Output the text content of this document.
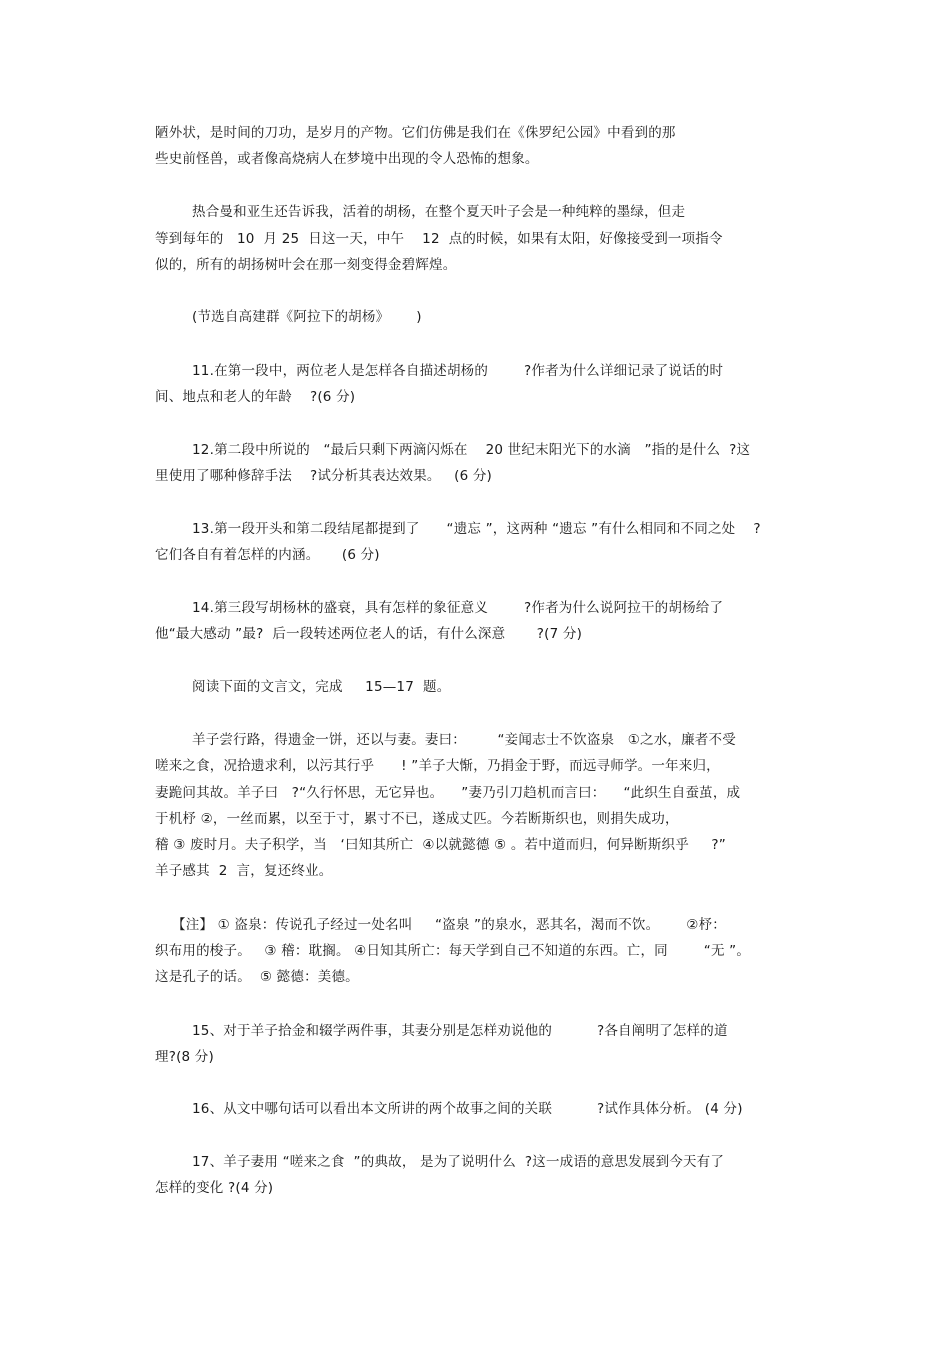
陋外状，是时间的刀功，是岁月的产物。它们仿佛是我们在《侏罗纪公园》中看到的那
些史前怪兽，或者像高烧病人在梦境中出现的令人恐怖的想象。
热合曼和亚生还告诉我，活着的胡杨，在整个夏天叶子会是一种纯粹的墨绿，但走
等到每年的   10  月 25  日这一天，中午    12  点的时候，如果有太阳，好像接受到一项指令
似的，所有的胡扬树叶会在那一刻变得金碧辉煌。
(节选自高建群《阿拉下的胡杨》      )
11.在第一段中，两位老人是怎样各自描述胡杨的        ?作者为什么详细记录了说话的时
间、地点和老人的年龄    ?(6 分)
12.第二段中所说的   “最后只剩下两滴闪烁在    20 世纪末阳光下的水滴   ”指的是什么  ?这
里使用了哪种修辞手法    ?试分析其表达效果。   (6 分)
13.第一段开头和第二段结尾都提到了      “遗忘 ”，这两种 “遗忘 ”有什么相同和不同之处    ?
它们各自有着怎样的内涵。     (6 分)
14.第三段写胡杨林的盛衰，具有怎样的象征意义        ?作者为什么说阿拉干的胡杨给了
他“最大感动 ”最?  后一段转述两位老人的话，有什么深意       ?(7 分)
阅读下面的文言文，完成     15—17  题。
羊子尝行路，得遗金一饼，还以与妻。妻曰：       “妾闻志士不饮盗泉   ①之水，廉者不受
嗟来之食，况拾遗求利，以污其行乎      ! ”羊子大惭，乃捐金于野，而远寻师学。一年来归，
妻跪问其故。羊子曰   ?“久行怀思，无它异也。    ”妻乃引刀趋机而言曰：    “此织生自蚕茧，成
于机杼 ②，一丝而累，以至于寸，累寸不已，遂成丈匹。今若断斯织也，则捐失成功，
稽 ③ 废时月。夫子积学，当   ‘曰知其所亡  ④以就懿德 ⑤ 。若中道而归，何异断斯织乎     ?”
羊子感其  2  言，复还终业。
【注】 ① 盗泉：传说孔子经过一处名叫     “盗泉 ”的泉水，恶其名，渴而不饮。      ②杼：
织布用的梭子。   ③ 稽：耽搁。 ④日知其所亡：每天学到自己不知道的东西。亡，同        “无 ”。
这是孔子的话。  ⑤ 懿德：美德。
15、对于羊子拾金和辍学两件事，其妻分别是怎样劝说他的          ?各自阐明了怎样的道
理?(8 分)
16、从文中哪句话可以看出本文所讲的两个故事之间的关联          ?试作具体分析。 (4 分)
17、羊子妻用 “嗟来之食  ”的典故， 是为了说明什么  ?这一成语的意思发展到今天有了
怎样的变化 ?(4 分)
